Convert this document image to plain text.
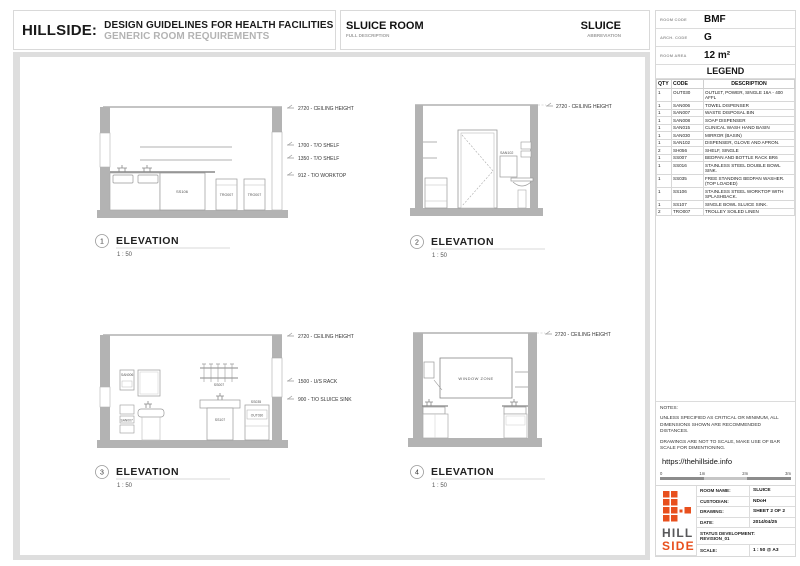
HILLSIDE: DESIGN GUIDELINES FOR HEALTH FACILITIES
GENERIC ROOM REQUIREMENTS
SLUICE ROOM
FULL DESCRIPTION
SLUICE
ABBREVIATION
ROOM CODE	BMF
ARCH. CODE	G
ROOM AREA	12 m²
LEGEND
QTY	CODE	DESCRIPTION
1	OUT030	OUTLET, POWER, SINGLE 16A - 400 AFFL
1	SAN006	TOWEL DISPENSER
1	SAN007	WASTE DISPOSAL BIN
1	SAN008	SOAP DISPENSER
1	SAN015	CLINICAL WASH HAND BASIN
1	SAN030	MIRROR (BASIN)
1	SAN102	DISPENSER, GLOVE AND APRON.
2	SH056	SHELF, SINGLE
1	SS007	BEDPAN AND BOTTLE RACK BR6
1	SS016	STAINLESS STEEL DOUBLE BOWL SINK.
1	SS035	FREE STANDING BEDPAN WASHER. (TOP LOADED)
1	SS106	STAINLESS STEEL WORKTOP WITH SPLASHBACK.
1	SS107	SINGLE BOWL SLUICE SINK.
2	TRO007	TROLLEY SOILED LINEN
NOTES:
UNLESS SPECIFIED AS CRITICAL OR MINIMUM, ALL DIMENSIONS SHOWN ARE RECOMMENDED DISTANCES.
DRAWINGS ARE NOT TO SCALE, MAKE USE OF BAR SCALE FOR DIMENTIONING.
https://thehillside.info
0	1m	2m	3m
HILL
SIDE
ROOM NAME:	SLUICE
CUSTODIAN:	NDoH
DRAWING:	SHEET 2 OF 2
DATE:	2014/04/25
STATUS DEVELOPMENT:
REVISION_01
SCALE:	1 : 50 @ A3
SS106
TRO007	TRO007
2720 - CEILING HEIGHT
1700 - T/O SHELF
1350 - T/O SHELF
912 - T/O WORKTOP
1 ELEVATION
1 : 50
SAN102
2720 - CEILING HEIGHT
2 ELEVATION
1 : 50
SAN006
SAN007
SS007
SS107
SS035
OUT030
2720 - CEILING HEIGHT
1500 - U/S RACK
900 - T/O SLUICE SINK
3 ELEVATION
1 : 50
WINDOW ZONE
2720 - CEILING HEIGHT
4 ELEVATION
1 : 50
